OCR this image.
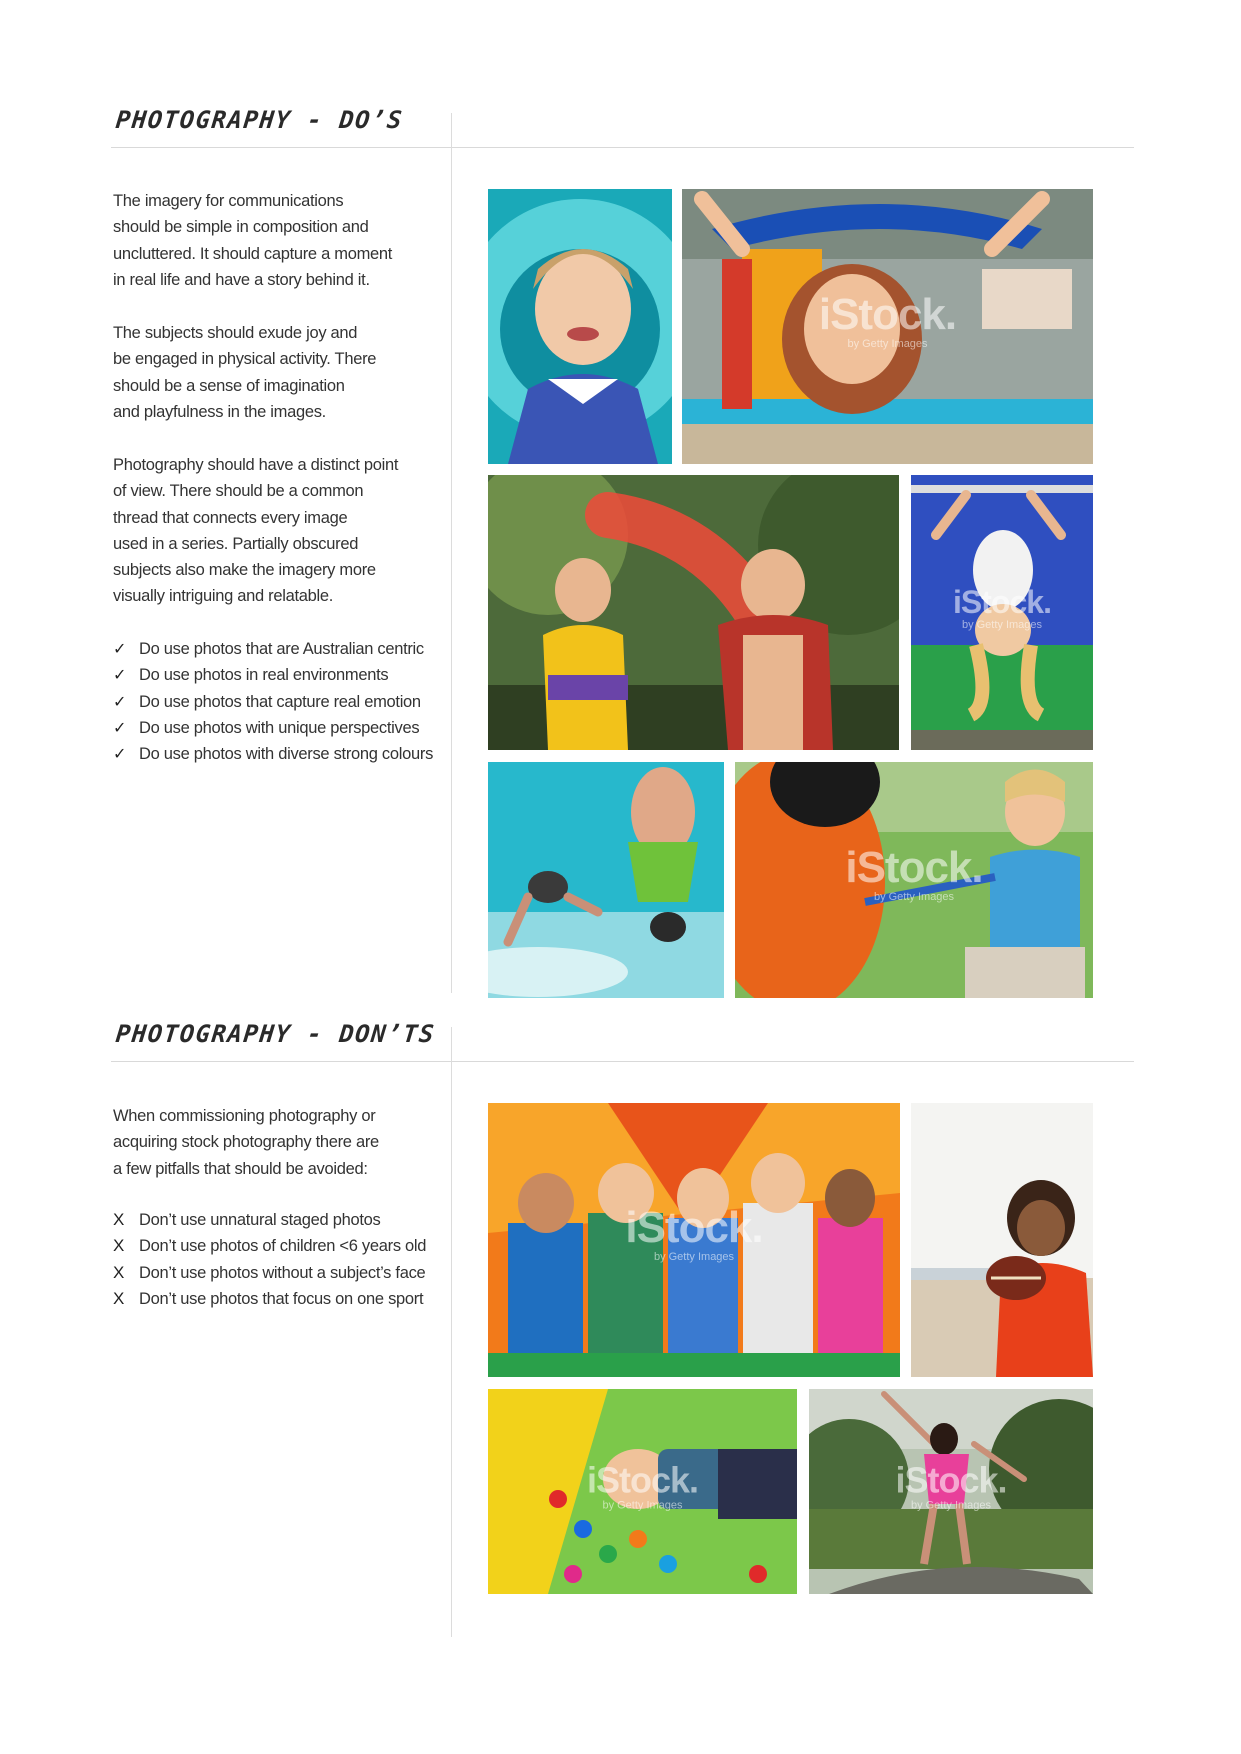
PHOTOGRAPHY - DO’S

The imagery for communications
should be simple in composition and
uncluttered. It should capture a moment
in real life and have a story behind it.

The subjects should exude joy and
be engaged in physical activity. There
should be a sense of imagination
and playfulness in the images.

Photography should have a distinct point
of view. There should be a common
thread that connects every image
used in a series. Partially obscured
subjects also make the imagery more
visually intriguing and relatable.

✓ Do use photos that are Australian centric
✓ Do use photos in real environments
✓ Do use photos that capture real emotion
✓ Do use photos with unique perspectives
✓ Do use photos with diverse strong colours
iStock.
by Getty Images
iStock.
by Getty Images
iStock.
by Getty Images
PHOTOGRAPHY - DON’TS

When commissioning photography or
acquiring stock photography there are
a few pitfalls that should be avoided:

X Don’t use unnatural staged photos
X Don’t use photos of children <6 years old
X Don’t use photos without a subject’s face
X Don’t use photos that focus on one sport
iStock.
by Getty Images
iStock.
by Getty Images
iStock.
by Getty Images
